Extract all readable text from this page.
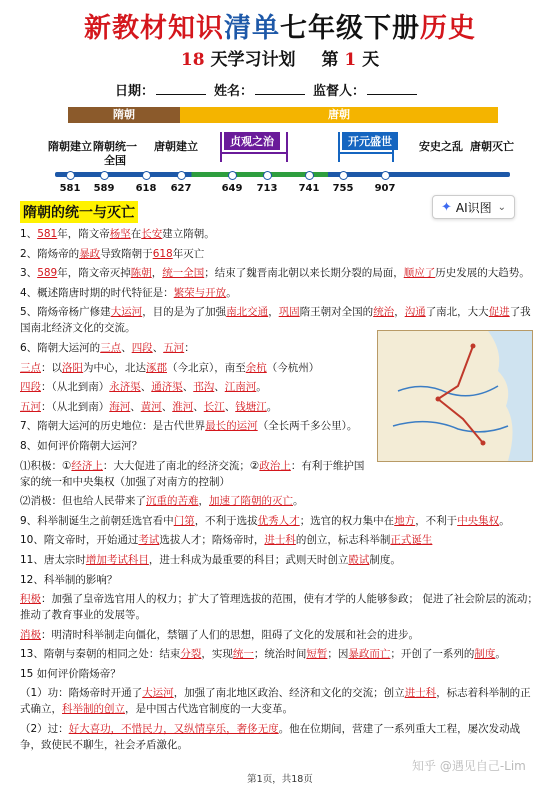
新教材知识清单七年级下册历史
18 天学习计划 第 1 天
日期：	姓名：	监督人：
隋朝	唐朝
贞观之治	开元盛世
隋朝建立 隋朝统一全国
唐朝建立	安史之乱 唐朝灭亡
581	589	618	627	649	713	741	755	907
隋朝的统一与灭亡	✦ AI识图 ⌄

1、581年，隋文帝杨坚在长安建立隋朝。

2、隋炀帝的暴政导致隋朝于618年灭亡

3、589年，隋文帝灭掉陈朝，统一全国；结束了魏晋南北朝以来长期分裂的局面，顺应了历史发展的大趋势。

4、概述隋唐时期的时代特征是：繁荣与开放。

5、隋炀帝杨广修建大运河，目的是为了加强南北交通，巩固隋王朝对全国的统治，沟通了南北，大大促进了我国南北经济文化的交流。

6、隋朝大运河的三点、四段、五河：

三点：以洛阳为中心，北达涿郡（今北京），南至余杭（今杭州）

四段：（从北到南）永济渠、通济渠、邗沟、江南河。

五河：（从北到南）海河、黄河、淮河、长江、钱塘江。

7、隋朝大运河的历史地位：是古代世界最长的运河（全长两千多公里）。

8、如何评价隋朝大运河？

⑴积极：①经济上：大大促进了南北的经济交流；②政治上：有利于维护国家的统一和中央集权（加强了对南方的控制）

⑵消极：但也给人民带来了沉重的苦难，加速了隋朝的灭亡。

9、科举制诞生之前朝廷选官看中门第，不利于选拔优秀人才；选官的权力集中在地方，不利于中央集权。

10、隋文帝时，开始通过考试选拔人才；隋炀帝时，进士科的创立，标志科举制正式诞生

11、唐太宗时增加考试科目，进士科成为最重要的科目；武则天时创立殿试制度。

12、科举制的影响？

积极：加强了皇帝选官用人的权力；扩大了管理选拔的范围，使有才学的人能够参政； 促进了社会阶层的流动；推动了教育事业的发展等。

消极：明清时科举制走向僵化，禁锢了人们的思想，阻碍了文化的发展和社会的进步。

13、隋朝与秦朝的相同之处：结束分裂，实现统一；统治时间短暂；因暴政而亡；开创了一系列的制度。

15 如何评价隋炀帝？

（1）功：隋炀帝时开通了大运河，加强了南北地区政治、经济和文化的交流；创立进士科，标志着科举制的正式确立，科举制的创立，是中国古代选官制度的一大变革。

（2）过：好大喜功，不惜民力，又纵情享乐，奢侈无度。他在位期间，营建了一系列重大工程，屡次发动战争，致使民不聊生，社会矛盾激化。

知乎 @遇见自己-Lim
第1页，共18页
